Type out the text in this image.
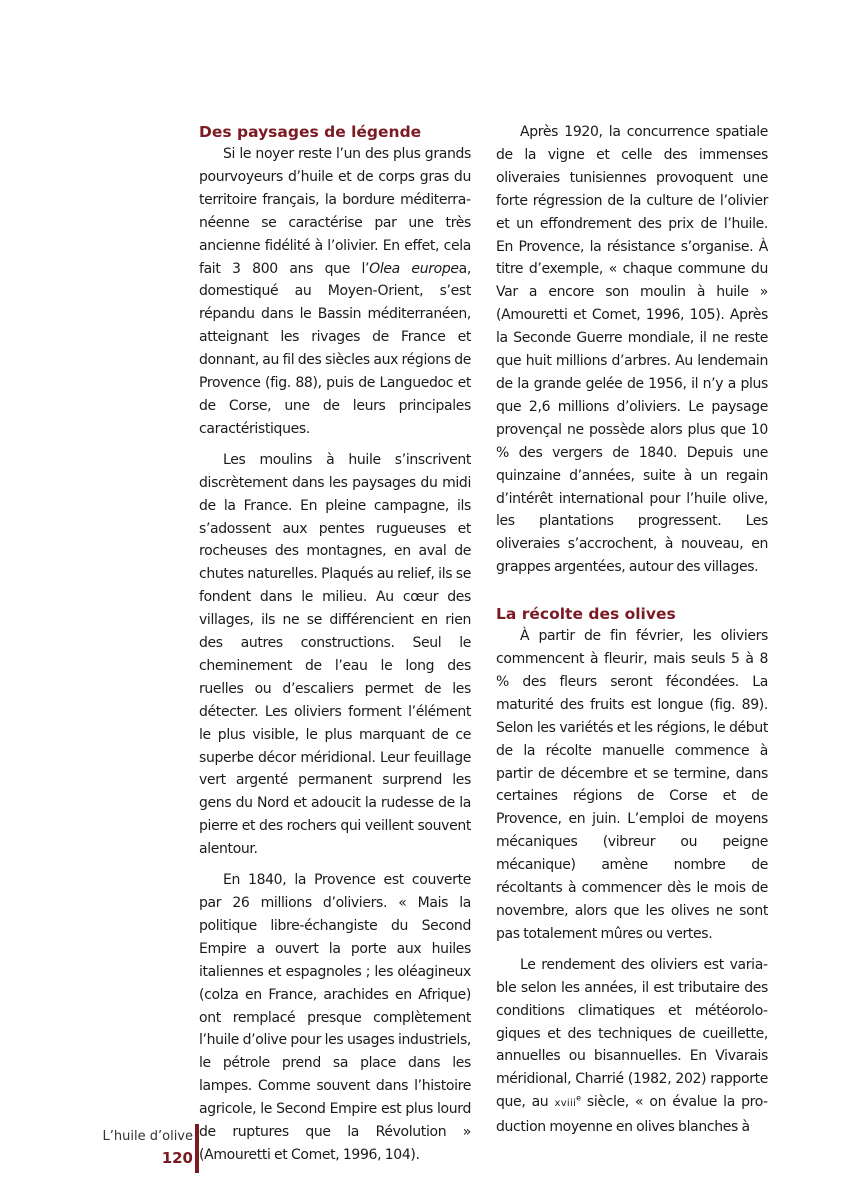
Des paysages de légende

Si le noyer reste l’un des plus grands pourvoyeurs d’huile et de corps gras du territoire français, la bordure méditerranéenne se caractérise par une très ancienne fidélité à l’olivier. En effet, cela fait 3 800 ans que l’Olea europea, domestiqué au Moyen-Orient, s’est répandu dans le Bassin méditerranéen, atteignant les rivages de France et donnant, au fil des siècles aux régions de Provence (fig. 88), puis de Languedoc et de Corse, une de leurs principales caractéristiques.

Les moulins à huile s’inscrivent discrètement dans les paysages du midi de la France. En pleine campagne, ils s’adossent aux pentes rugueuses et rocheuses des montagnes, en aval de chutes naturelles. Plaqués au relief, ils se fondent dans le milieu. Au cœur des villages, ils ne se différencient en rien des autres constructions. Seul le cheminement de l’eau le long des ruelles ou d’escaliers permet de les détecter. Les oliviers forment l’élément le plus visible, le plus marquant de ce superbe décor méridional. Leur feuillage vert argenté permanent surprend les gens du Nord et adoucit la rudesse de la pierre et des rochers qui veillent souvent alentour.

En 1840, la Provence est couverte par 26 millions d’oliviers. « Mais la politique libre-échangiste du Second Empire a ouvert la porte aux huiles italiennes et espagnoles ; les oléagineux (colza en France, arachides en Afrique) ont remplacé presque complètement l’huile d’olive pour les usages industriels, le pétrole prend sa place dans les lampes. Comme souvent dans l’histoire agricole, le Second Empire est plus lourd de ruptures que la Révolution » (Amouretti et Comet, 1996, 104).

Après 1920, la concurrence spatiale de la vigne et celle des immenses oliveraies tunisiennes provoquent une forte régression de la culture de l’olivier et un effondrement des prix de l’huile. En Provence, la résistance s’organise. À titre d’exemple, « chaque commune du Var a encore son moulin à huile » (Amouretti et Comet, 1996, 105). Après la Seconde Guerre mondiale, il ne reste que huit millions d’arbres. Au lendemain de la grande gelée de 1956, il n’y a plus que 2,6 millions d’oliviers. Le paysage provençal ne possède alors plus que 10 % des vergers de 1840. Depuis une quinzaine d’années, suite à un regain d’intérêt international pour l’huile olive, les plantations progressent. Les oliveraies s’accrochent, à nouveau, en grappes argentées, autour des villages.

La récolte des olives

À partir de fin février, les oliviers commencent à fleurir, mais seuls 5 à 8 % des fleurs seront fécondées. La maturité des fruits est longue (fig. 89). Selon les variétés et les régions, le début de la récolte manuelle commence à partir de décembre et se termine, dans certaines régions de Corse et de Provence, en juin. L’emploi de moyens mécaniques (vibreur ou peigne mécanique) amène nombre de récoltants à commencer dès le mois de novembre, alors que les olives ne sont pas totalement mûres ou vertes.

Le rendement des oliviers est variable selon les années, il est tributaire des conditions climatiques et météorologiques et des techniques de cueillette, annuelles ou bisannuelles. En Vivarais méridional, Charrié (1982, 202) rapporte que, au xviii$^e$ siècle, « on évalue la production moyenne en olives blanches à

L’huile d’olive
120
